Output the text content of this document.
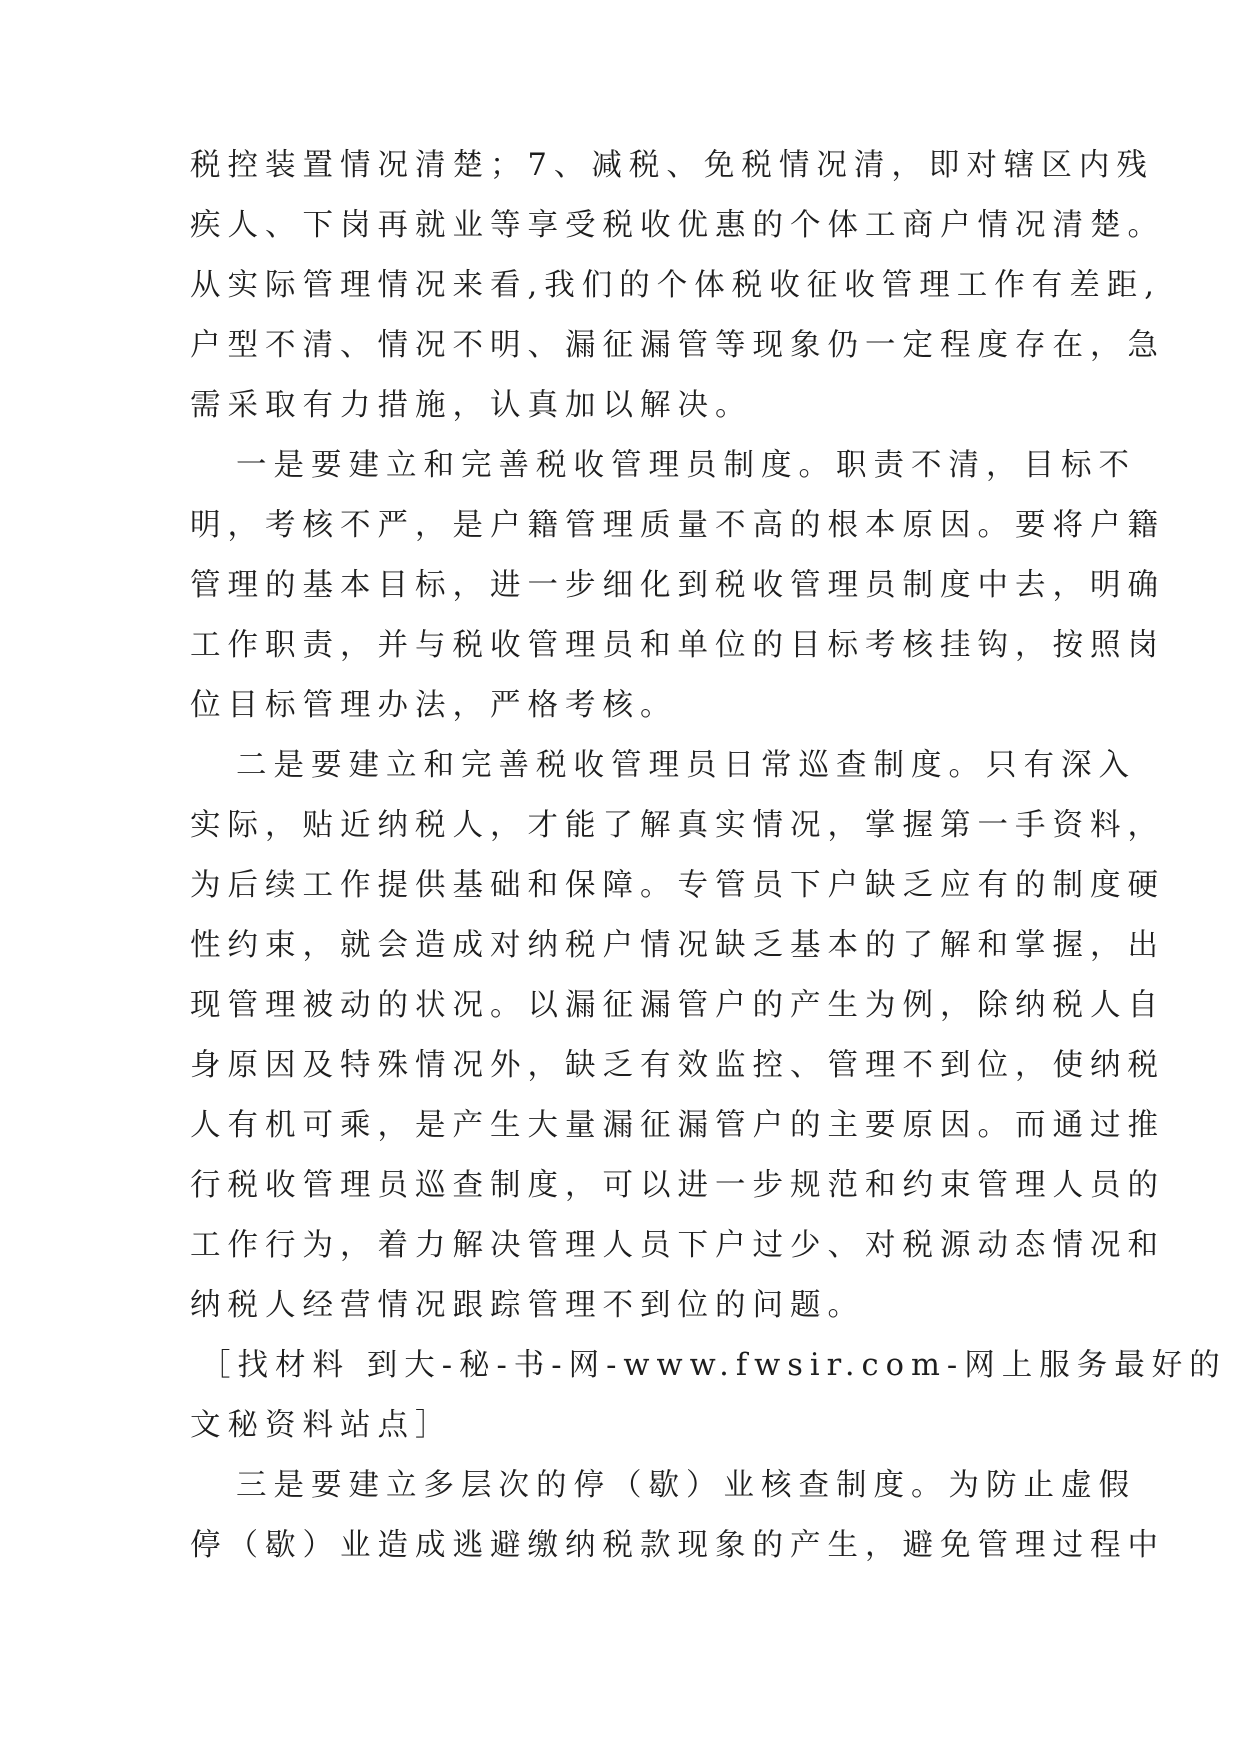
税控装置情况清楚；7、减税、免税情况清，即对辖区内残

疾人、下岗再就业等享受税收优惠的个体工商户情况清楚。

从实际管理情况来看,我们的个体税收征收管理工作有差距,

户型不清、情况不明、漏征漏管等现象仍一定程度存在，急

需采取有力措施，认真加以解决。

一是要建立和完善税收管理员制度。职责不清，目标不

明，考核不严，是户籍管理质量不高的根本原因。要将户籍

管理的基本目标，进一步细化到税收管理员制度中去，明确

工作职责，并与税收管理员和单位的目标考核挂钩，按照岗

位目标管理办法，严格考核。

二是要建立和完善税收管理员日常巡查制度。只有深入

实际，贴近纳税人，才能了解真实情况，掌握第一手资料，

为后续工作提供基础和保障。专管员下户缺乏应有的制度硬

性约束，就会造成对纳税户情况缺乏基本的了解和掌握，出

现管理被动的状况。以漏征漏管户的产生为例，除纳税人自

身原因及特殊情况外，缺乏有效监控、管理不到位，使纳税

人有机可乘，是产生大量漏征漏管户的主要原因。而通过推

行税收管理员巡查制度，可以进一步规范和约束管理人员的

工作行为，着力解决管理人员下户过少、对税源动态情况和

纳税人经营情况跟踪管理不到位的问题。

［找材料 到大-秘-书-网-www.fwsir.com-网上服务最好的

文秘资料站点］

三是要建立多层次的停（歇）业核查制度。为防止虚假

停（歇）业造成逃避缴纳税款现象的产生，避免管理过程中
